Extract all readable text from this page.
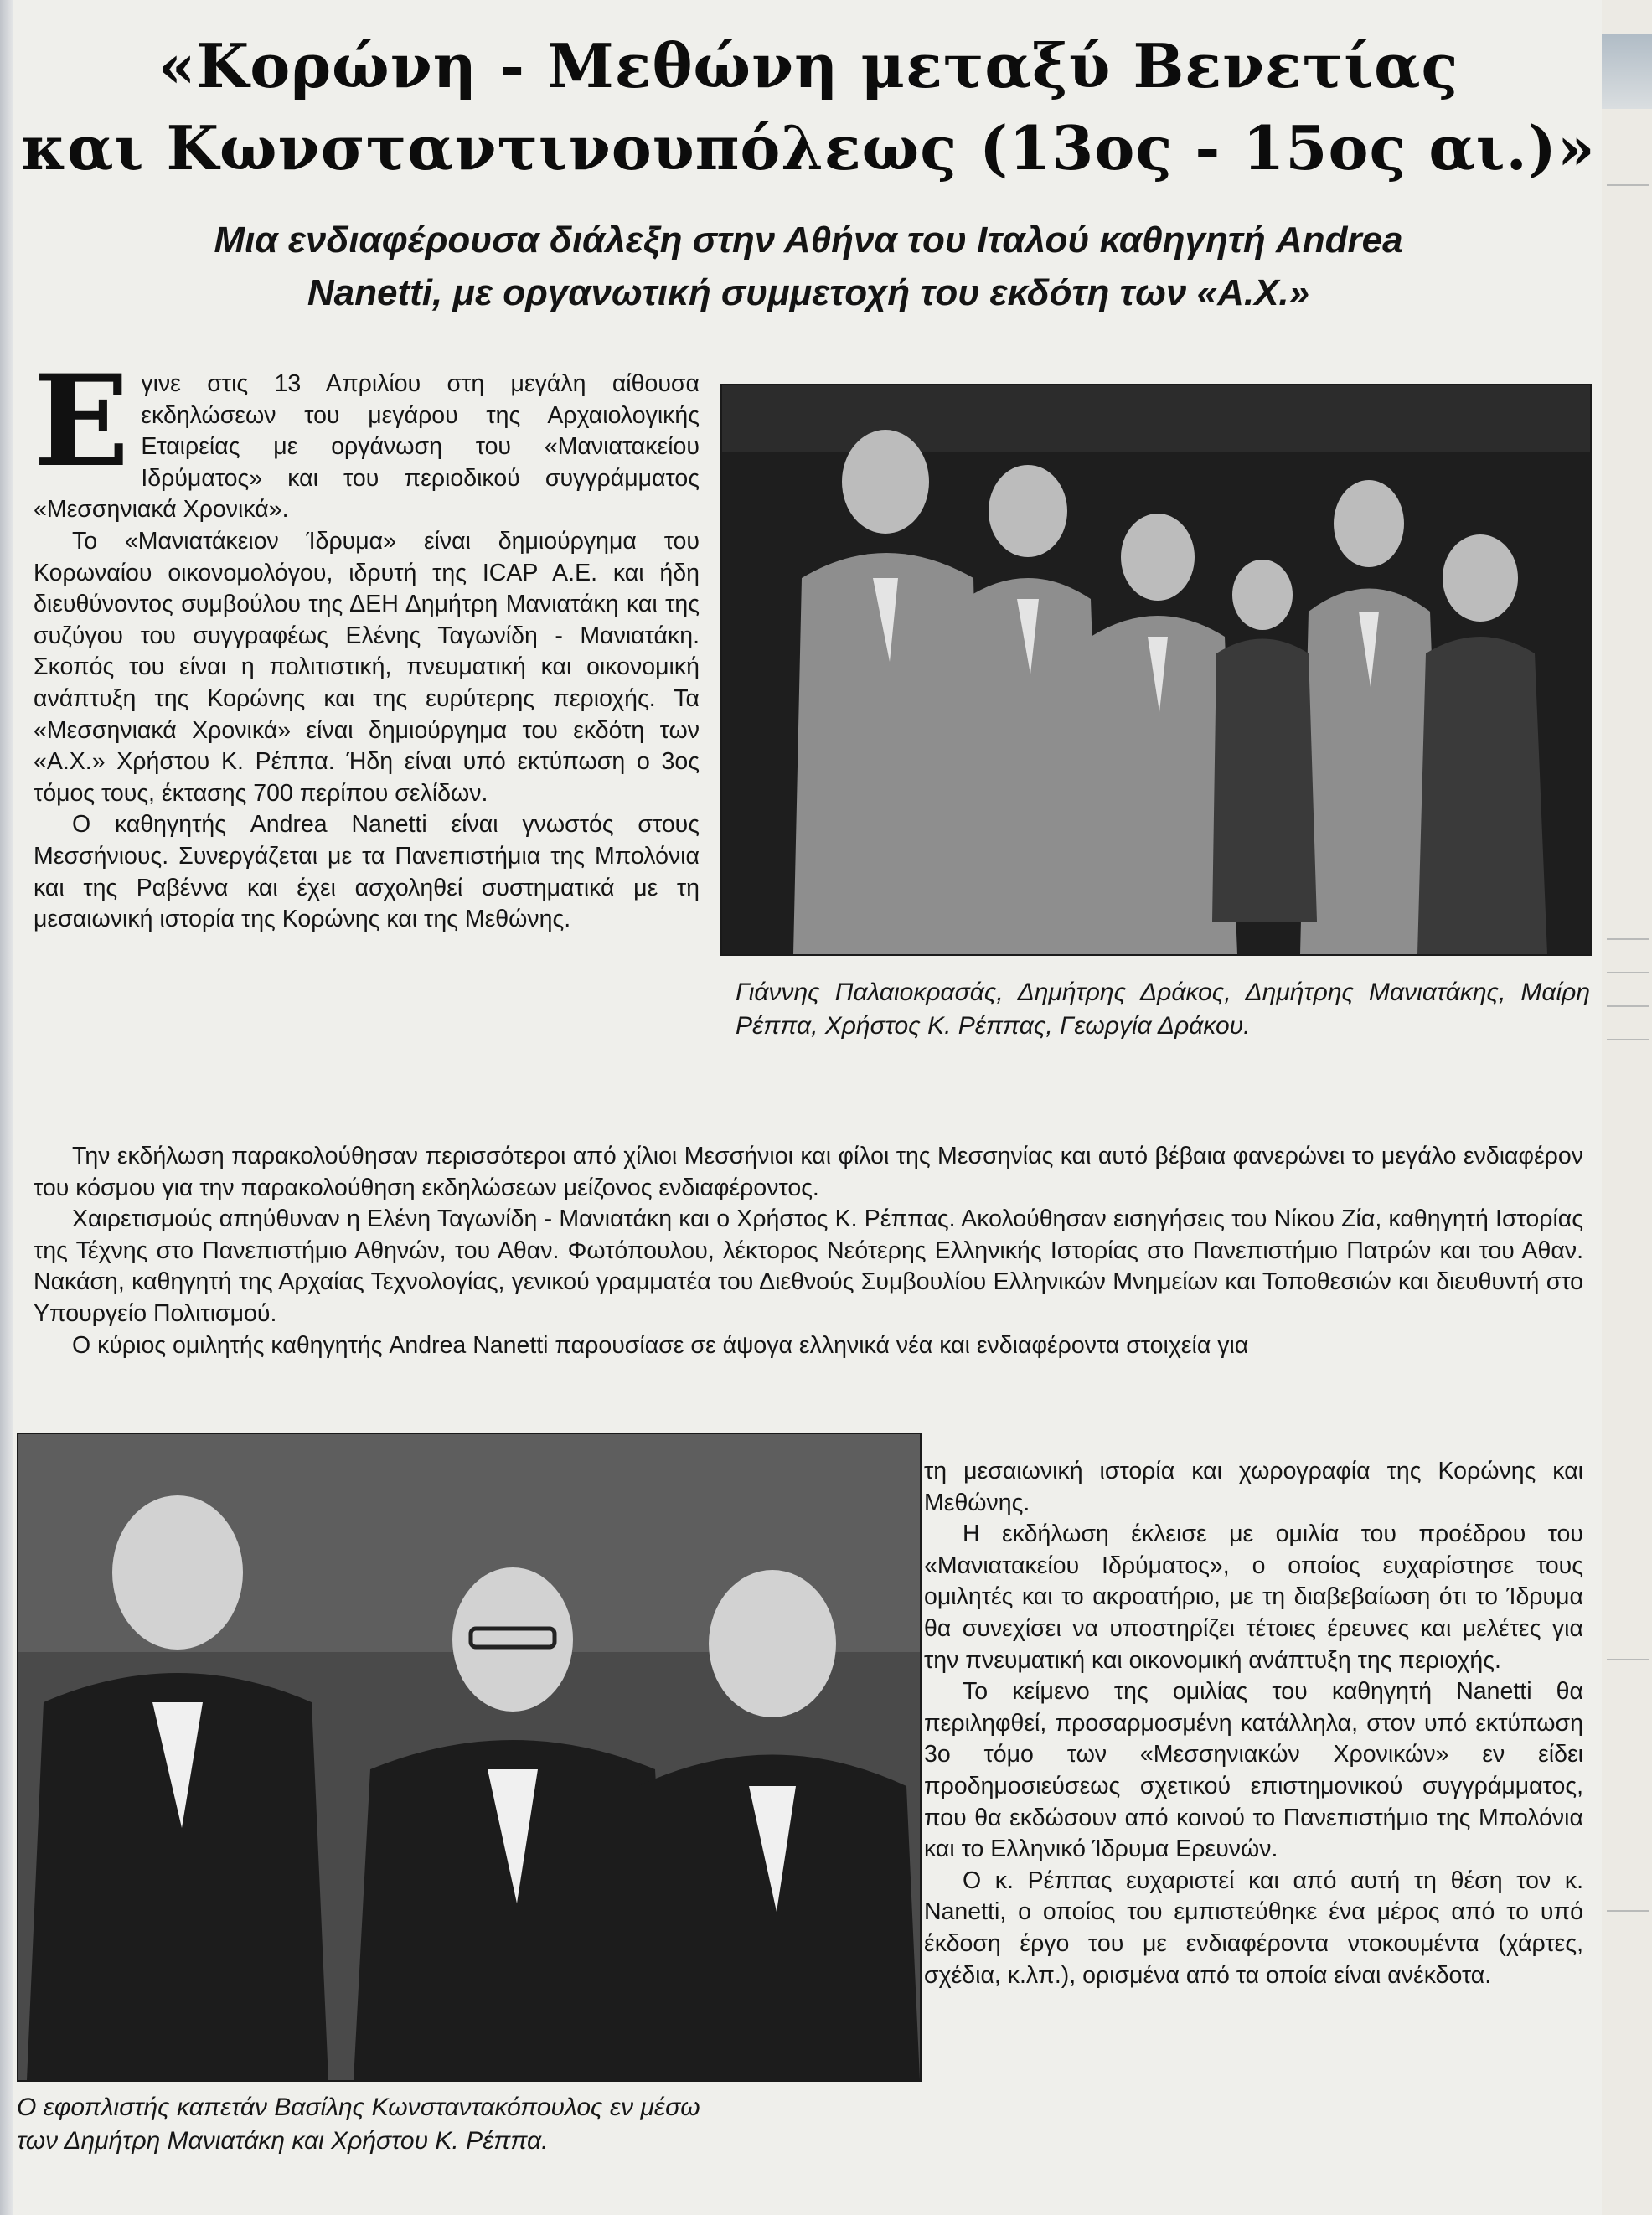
«Κορώνη - Μεθώνη μεταξύ Βενετίας
και Κωνσταντινουπόλεως (13ος - 15ος αι.)»
Μια ενδιαφέρουσα διάλεξη στην Αθήνα του Ιταλού καθηγητή Andrea
Nanetti, με οργανωτική συμμετοχή του εκδότη των «Α.Χ.»

Εγινε στις 13 Απριλίου στη μεγάλη αίθουσα εκδηλώσεων του μεγάρου της Αρχαιολογικής Εταιρείας με οργάνωση του «Μανιατακείου Ιδρύματος» και του περιοδικού συγγράμματος «Μεσσηνιακά Χρονικά».

Το «Μανιατάκειον Ίδρυμα» είναι δημιούργημα του Κορωναίου οικονομολόγου, ιδρυτή της ICAP A.E. και ήδη διευθύνοντος συμβούλου της ΔΕΗ Δημήτρη Μανιατάκη και της συζύγου του συγγραφέως Ελένης Ταγωνίδη - Μανιατάκη. Σκοπός του είναι η πολιτιστική, πνευματική και οικονομική ανάπτυξη της Κορώνης και της ευρύτερης περιοχής. Τα «Μεσσηνιακά Χρονικά» είναι δημιούργημα του εκδότη των «Α.Χ.» Χρήστου Κ. Ρέππα. Ήδη είναι υπό εκτύπωση ο 3ος τόμος τους, έκτασης 700 περίπου σελίδων.

Ο καθηγητής Andrea Nanetti είναι γνωστός στους Μεσσήνιους. Συνεργάζεται με τα Πανεπιστήμια της Μπολόνια και της Ραβέννα και έχει ασχοληθεί συστηματικά με τη μεσαιωνική ιστορία της Κορώνης και της Μεθώνης.

Γιάννης Παλαιοκρασάς, Δημήτρης Δράκος, Δημήτρης Μανιατάκης, Μαίρη Ρέππα, Χρήστος Κ. Ρέππας, Γεωργία Δράκου.

Την εκδήλωση παρακολούθησαν περισσότεροι από χίλιοι Μεσσήνιοι και φίλοι της Μεσσηνίας και αυτό βέβαια φανερώνει το μεγάλο ενδιαφέρον του κόσμου για την παρακολούθηση εκδηλώσεων μείζονος ενδιαφέροντος.

Χαιρετισμούς απηύθυναν η Ελένη Ταγωνίδη - Μανιατάκη και ο Χρήστος Κ. Ρέππας. Ακολούθησαν εισηγήσεις του Νίκου Ζία, καθηγητή Ιστορίας της Τέχνης στο Πανεπιστήμιο Αθηνών, του Αθαν. Φωτόπουλου, λέκτορος Νεότερης Ελληνικής Ιστορίας στο Πανεπιστήμιο Πατρών και του Αθαν. Νακάση, καθηγητή της Αρχαίας Τεχνολογίας, γενικού γραμματέα του Διεθνούς Συμβουλίου Ελληνικών Μνημείων και Τοποθεσιών και διευθυντή στο Υπουργείο Πολιτισμού.

Ο κύριος ομιλητής καθηγητής Andrea Nanetti παρουσίασε σε άψογα ελληνικά νέα και ενδιαφέροντα στοιχεία για

τη μεσαιωνική ιστορία και χωρογραφία της Κορώνης και Μεθώνης.

Η εκδήλωση έκλεισε με ομιλία του προέδρου του «Μανιατακείου Ιδρύματος», ο οποίος ευχαρίστησε τους ομιλητές και το ακροατήριο, με τη διαβεβαίωση ότι το Ίδρυμα θα συνεχίσει να υποστηρίζει τέτοιες έρευνες και μελέτες για την πνευματική και οικονομική ανάπτυξη της περιοχής.

Το κείμενο της ομιλίας του καθηγητή Nanetti θα περιληφθεί, προσαρμοσμένη κατάλληλα, στον υπό εκτύπωση 3ο τόμο των «Μεσσηνιακών Χρονικών» εν είδει προδημοσιεύσεως σχετικού επιστημονικού συγγράμματος, που θα εκδώσουν από κοινού το Πανεπιστήμιο της Μπολόνια και το Ελληνικό Ίδρυμα Ερευνών.

Ο κ. Ρέππας ευχαριστεί και από αυτή τη θέση τον κ. Nanetti, ο οποίος του εμπιστεύθηκε ένα μέρος από το υπό έκδοση έργο του με ενδιαφέροντα ντοκουμέντα (χάρτες, σχέδια, κ.λπ.), ορισμένα από τα οποία είναι ανέκδοτα.

Ο εφοπλιστής καπετάν Βασίλης Κωνσταντακόπουλος εν μέσω
των Δημήτρη Μανιατάκη και Χρήστου Κ. Ρέππα.
